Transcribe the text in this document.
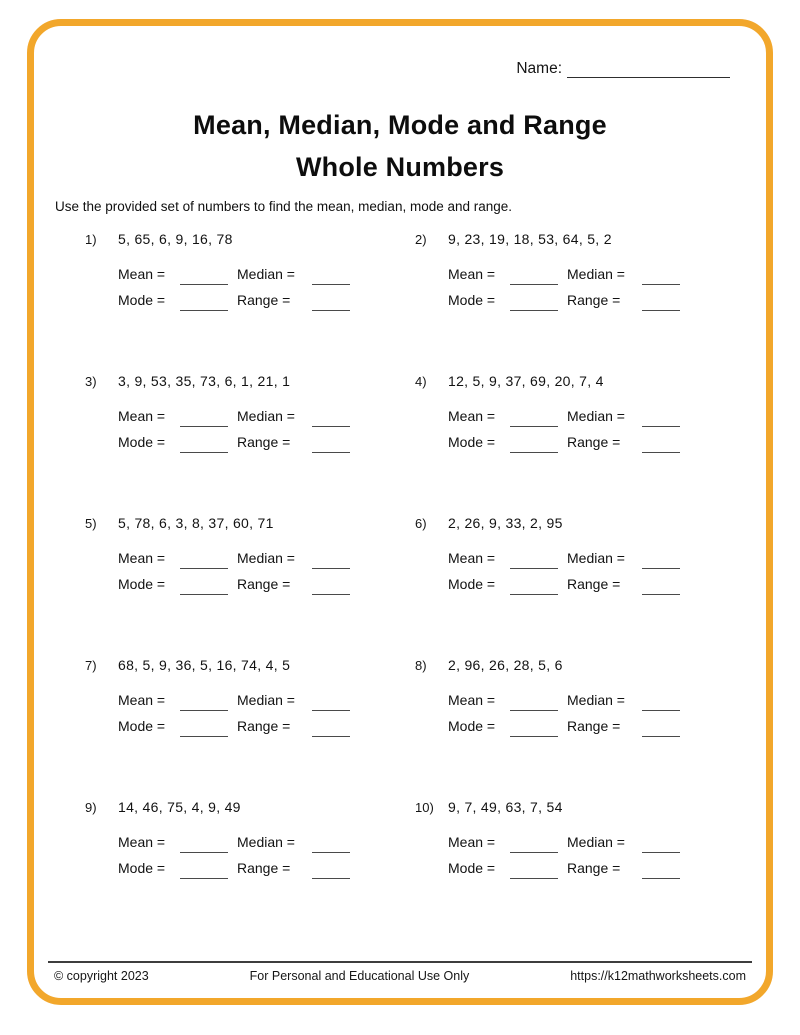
Name:
Mean, Median, Mode and Range
Whole Numbers
Use the provided set of numbers to find the mean, median, mode and range.
1)	5, 65, 6, 9, 16, 78
Mean =	Median =
Mode =	Range =
2)	9, 23, 19, 18, 53, 64, 5, 2
Mean =	Median =
Mode =	Range =
3)	3, 9, 53, 35, 73, 6, 1, 21, 1
Mean =	Median =
Mode =	Range =
4)	12, 5, 9, 37, 69, 20, 7, 4
Mean =	Median =
Mode =	Range =
5)	5, 78, 6, 3, 8, 37, 60, 71
Mean =	Median =
Mode =	Range =
6)	2, 26, 9, 33, 2, 95
Mean =	Median =
Mode =	Range =
7)	68, 5, 9, 36, 5, 16, 74, 4, 5
Mean =	Median =
Mode =	Range =
8)	2, 96, 26, 28, 5, 6
Mean =	Median =
Mode =	Range =
9)	14, 46, 75, 4, 9, 49
Mean =	Median =
Mode =	Range =
10)	9, 7, 49, 63, 7, 54
Mean =	Median =
Mode =	Range =
© copyright 2023	For Personal and Educational Use Only	https://k12mathworksheets.com
